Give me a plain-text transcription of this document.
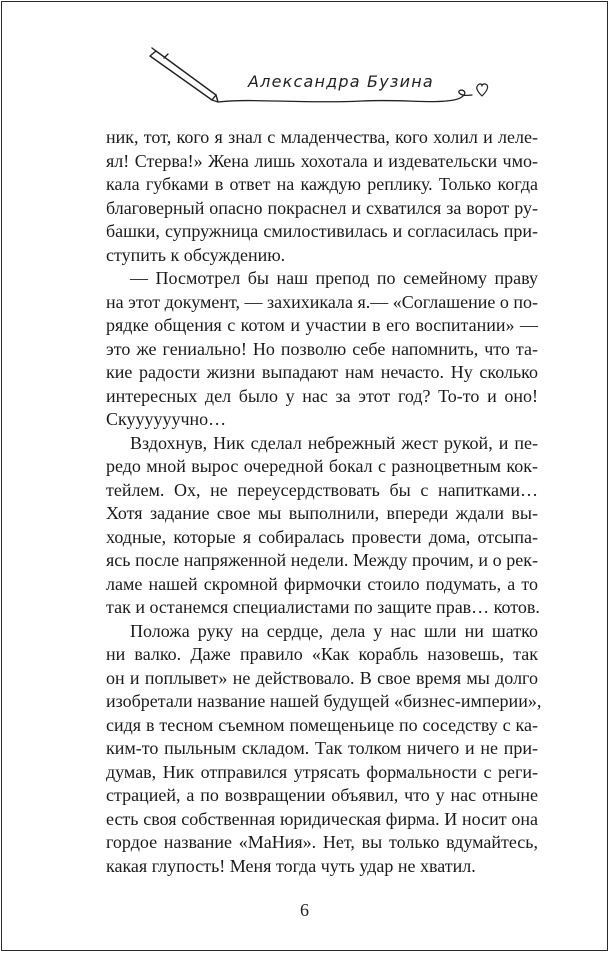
Александра Бузина
ник, тот, кого я знал с младенчества, кого холил и леле-
ял! Стерва!» Жена лишь хохотала и издевательски чмо-
кала губками в ответ на каждую реплику. Только когда
благоверный опасно покраснел и схватился за ворот ру-
башки, супружница смилостивилась и согласилась при-
ступить к обсуждению.
— Посмотрел бы наш препод по семейному праву
на этот документ, — захихикала я.— «Соглашение о по-
рядке общения с котом и участии в его воспитании» —
это же гениально! Но позволю себе напомнить, что та-
кие радости жизни выпадают нам нечасто. Ну сколько
интересных дел было у нас за этот год? То-то и оно!
Скуууууучно…
Вздохнув, Ник сделал небрежный жест рукой, и пе-
редо мной вырос очередной бокал с разноцветным кок-
тейлем. Ох, не переусердствовать бы с напитками…
Хотя задание свое мы выполнили, впереди ждали вы-
ходные, которые я собиралась провести дома, отсыпа-
ясь после напряженной недели. Между прочим, и о рек-
ламе нашей скромной фирмочки стоило подумать, а то
так и останемся специалистами по защите прав… котов.
Положа руку на сердце, дела у нас шли ни шатко
ни валко. Даже правило «Как корабль назовешь, так
он и поплывет» не действовало. В свое время мы долго
изобретали название нашей будущей «бизнес-империи»,
сидя в тесном съемном помещеньице по соседству с ка-
ким-то пыльным складом. Так толком ничего и не при-
думав, Ник отправился утрясать формальности с реги-
страцией, а по возвращении объявил, что у нас отныне
есть своя собственная юридическая фирма. И носит она
гордое название «МаНия». Нет, вы только вдумайтесь,
какая глупость! Меня тогда чуть удар не хватил.
6
